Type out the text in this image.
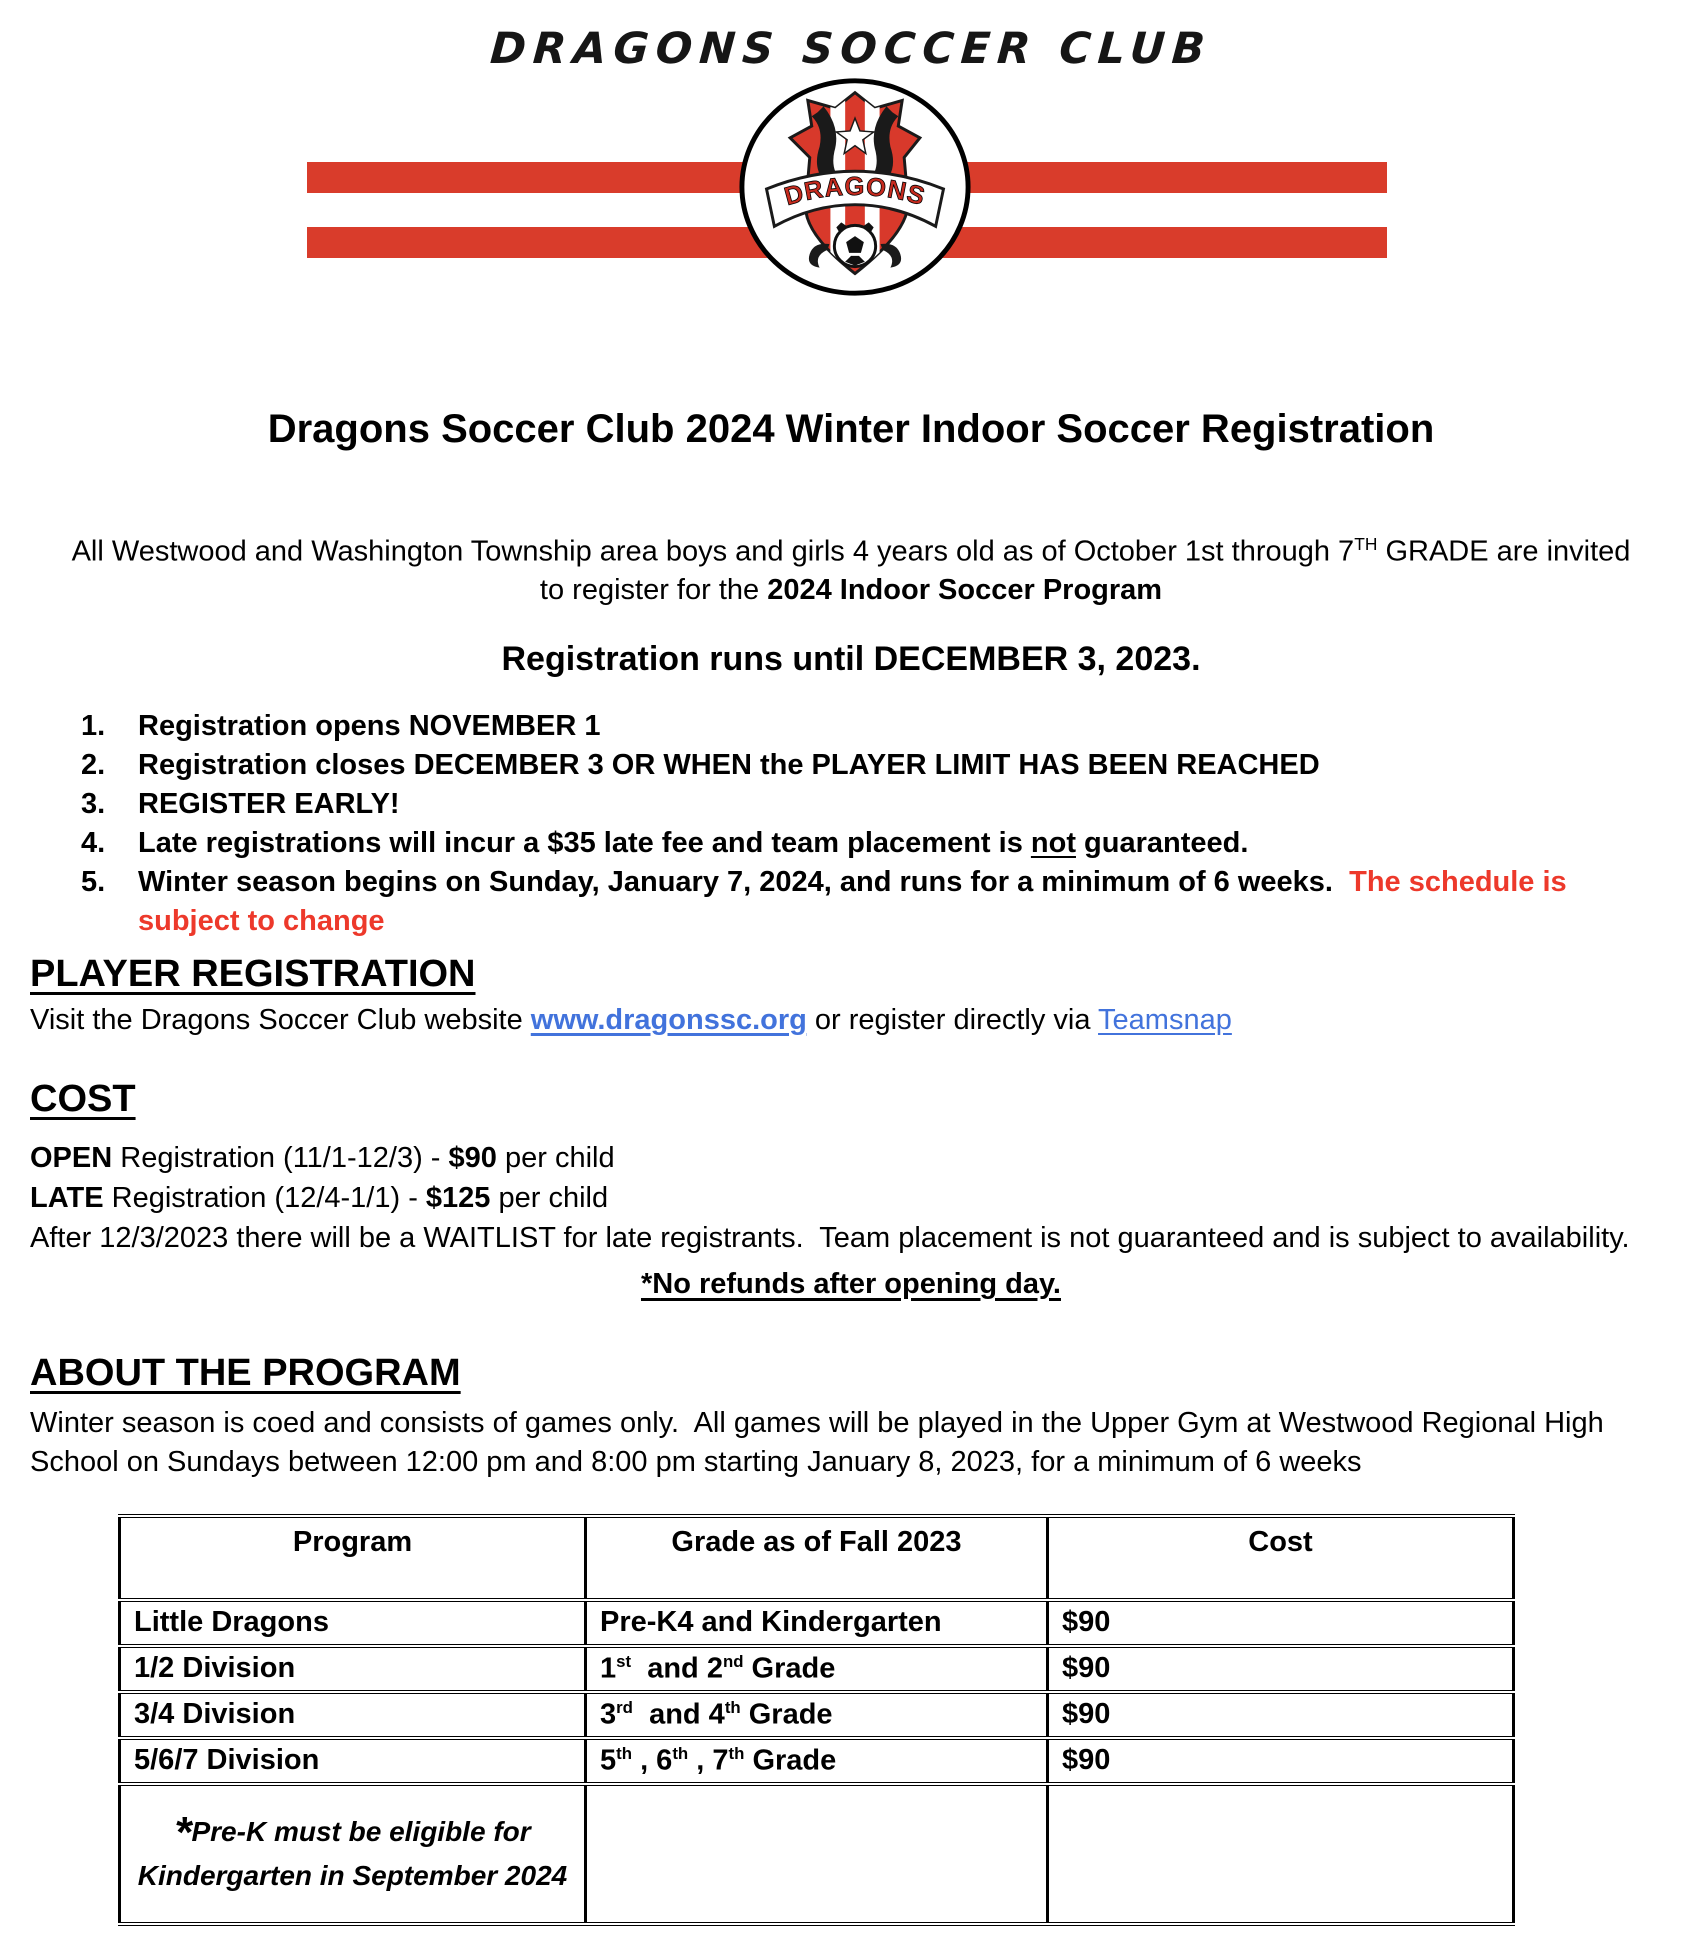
DRAGONS SOCCER CLUB
DRAGONS
Dragons Soccer Club 2024 Winter Indoor Soccer Registration

All Westwood and Washington Township area boys and girls 4 years old as of October 1st through 7TH GRADE are invited
to register for the 2024 Indoor Soccer Program

Registration runs until DECEMBER 3, 2023.
1.	Registration opens NOVEMBER 1
2.	Registration closes DECEMBER 3 OR WHEN the PLAYER LIMIT HAS BEEN REACHED
3.	REGISTER EARLY!
4.	Late registrations will incur a $35 late fee and team placement is not guaranteed.
5.	Winter season begins on Sunday, January 7, 2024, and runs for a minimum of 6 weeks.  The schedule is
subject to change
PLAYER REGISTRATION

Visit the Dragons Soccer Club website www.dragonssc.org or register directly via Teamsnap

COST

OPEN Registration (11/1-12/3) - $90 per child

LATE Registration (12/4-1/1) - $125 per child

After 12/3/2023 there will be a WAITLIST for late registrants.  Team placement is not guaranteed and is subject to availability.

*No refunds after opening day.

ABOUT THE PROGRAM

Winter season is coed and consists of games only.  All games will be played in the Upper Gym at Westwood Regional High School on Sundays between 12:00 pm and 8:00 pm starting January 8, 2023, for a minimum of 6 weeks

Program	Grade as of Fall 2023	Cost
Little Dragons	Pre-K4 and Kindergarten	$90
1/2 Division	1st  and 2nd Grade	$90
3/4 Division	3rd  and 4th Grade	$90
5/6/7 Division	5th , 6th , 7th Grade	$90

*Pre-K must be eligible for
Kindergarten in September 2024		
